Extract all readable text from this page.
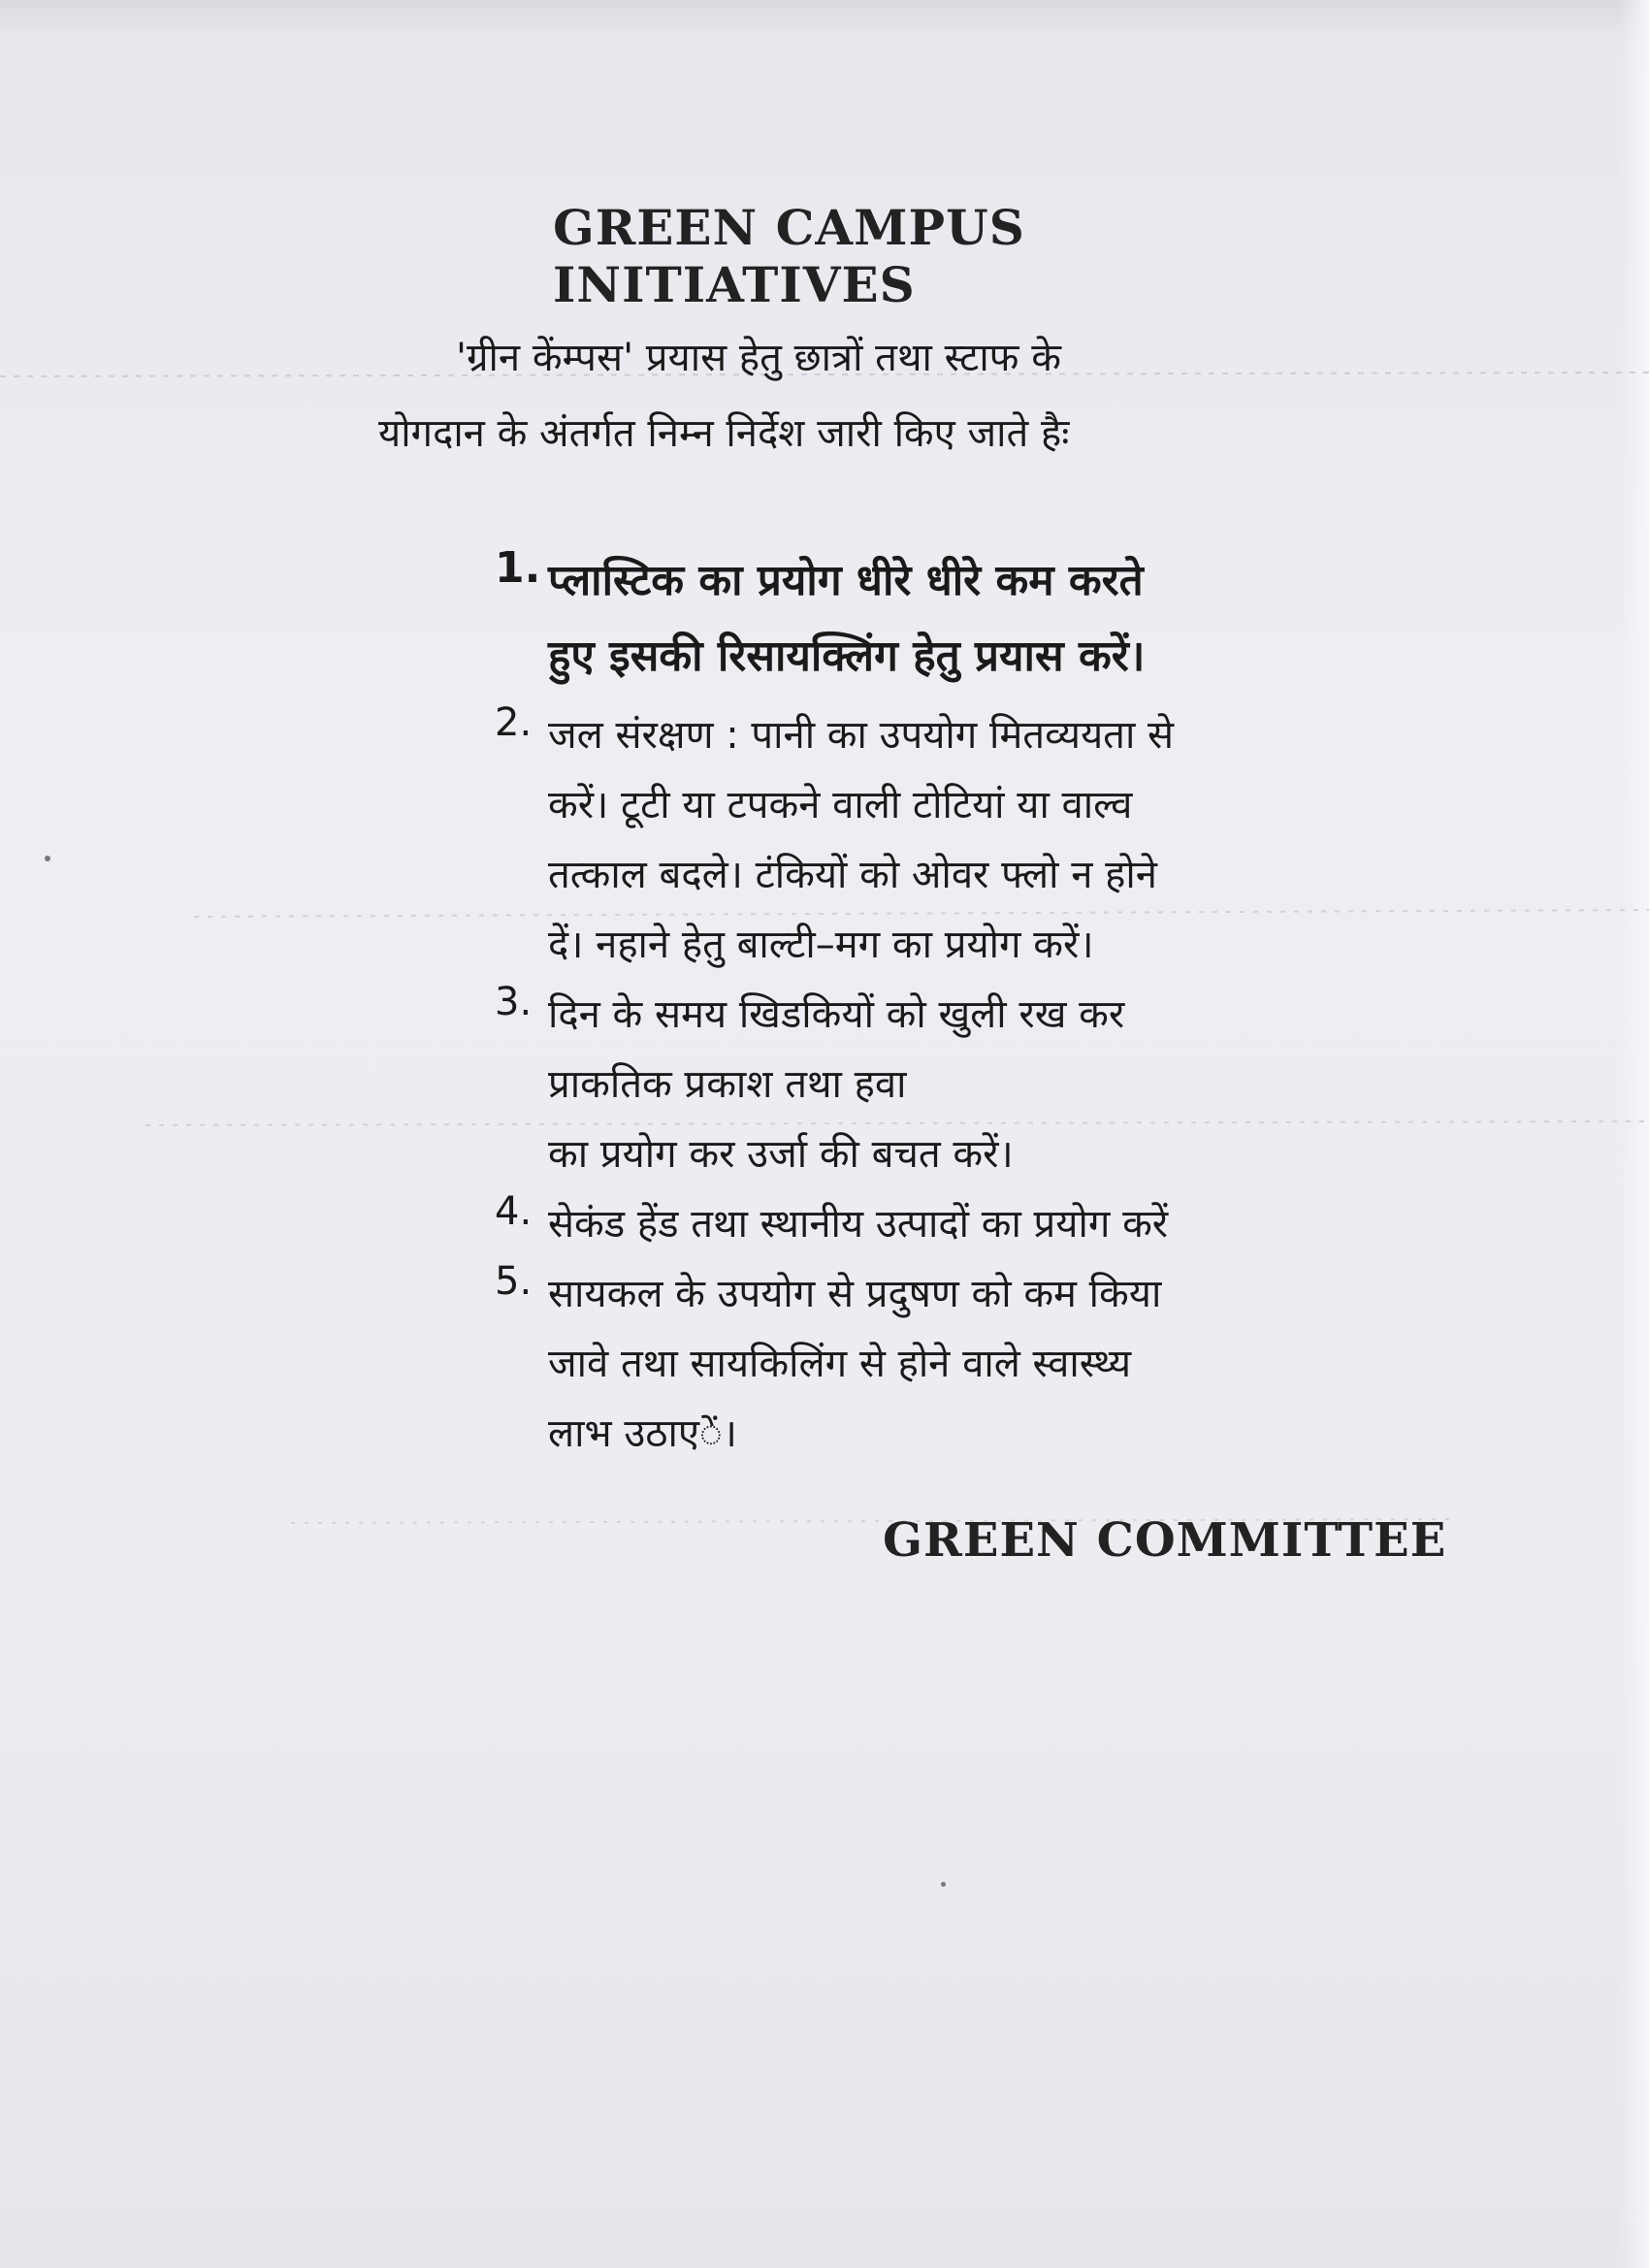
GREEN CAMPUS INITIATIVES
'ग्रीन केंम्पस' प्रयास हेतु छात्रों तथा स्टाफ के
योगदान के अंतर्गत निम्न निर्देश जारी किए जाते हैः
1. प्लास्टिक का प्रयोग धीरे धीरे कम करते
हुए इसकी रिसायक्लिंग हेतु प्रयास करें।
2. जल संरक्षण : पानी का उपयोग मितव्ययता से
करें। टूटी या टपकने वाली टोटियां या वाल्व
तत्काल बदले। टंकियों को ओवर फ्लो न होने
दें। नहाने हेतु बाल्टी–मग का प्रयोग करें।
3. दिन के समय खिडकियों को खुली रख कर
प्राकतिक प्रकाश तथा हवा
का प्रयोग कर उर्जा की बचत करें।
4. सेकंड हेंड तथा स्थानीय उत्पादों का प्रयोग करें
5. सायकल के उपयोग से प्रदुषण को कम किया
जावे तथा सायकिलिंग से होने वाले स्वास्थ्य
लाभ उठाएें।
GREEN COMMITTEE
